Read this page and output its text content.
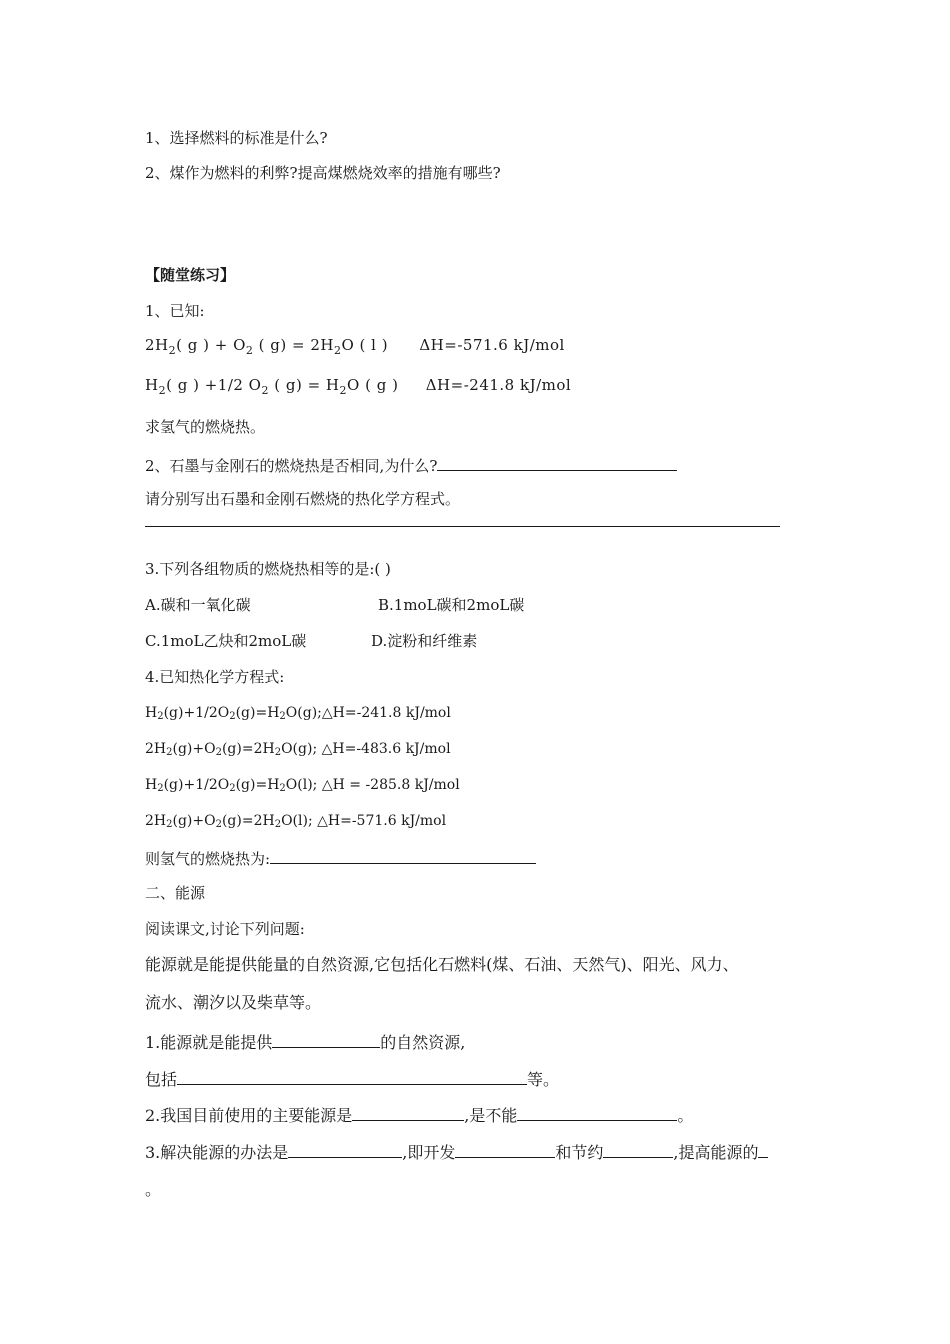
1、选择燃料的标准是什么?
2、煤作为燃料的利弊?提高煤燃烧效率的措施有哪些?
【随堂练习】
1、已知:
$2H_2$( g ) + $O_2$ ( $g) = 2H_2O$ ( l ) ΔH=-571.6 kJ/mol
$H_2$( g ) +1/2 $O_2$ ( $g) = H_2O$ ( g ) ΔH=-241.8 kJ/mol
求氢气的燃烧热。
2、石墨与金刚石的燃烧热是否相同,为什么?
请分别写出石墨和金刚石燃烧的热化学方程式。
3.下列各组物质的燃烧热相等的是:( )
A.碳和一氧化碳	B.1moL碳和2moL碳
C.1moL乙炔和2moL碳	D.淀粉和纤维素
4.已知热化学方程式:
$H_2(g)+1/2O_2(g)=H_2O(g);\triangle H=-241.8$ kJ/mol
$2H_2(g)+O_2(g)=2H_2O(g)$; △H=-483.6 kJ/mol
$H_2(g)+1/2O_2(g)=H_2O(l)$; △H = -285.8 kJ/mol
$2H_2(g)+O_2(g)=2H_2O(l)$; △H=-571.6 kJ/mol
则氢气的燃烧热为:
二、能源
阅读课文,讨论下列问题:
能源就是能提供能量的自然资源,它包括化石燃料(煤、石油、天然气)、阳光、风力、
流水、潮汐以及柴草等。
1.能源就是能提供	的自然资源,
包括	等。
2.我国目前使用的主要能源是	,是不能	。
3.解决能源的办法是	,即开发	和节约	,提高能源的
。
